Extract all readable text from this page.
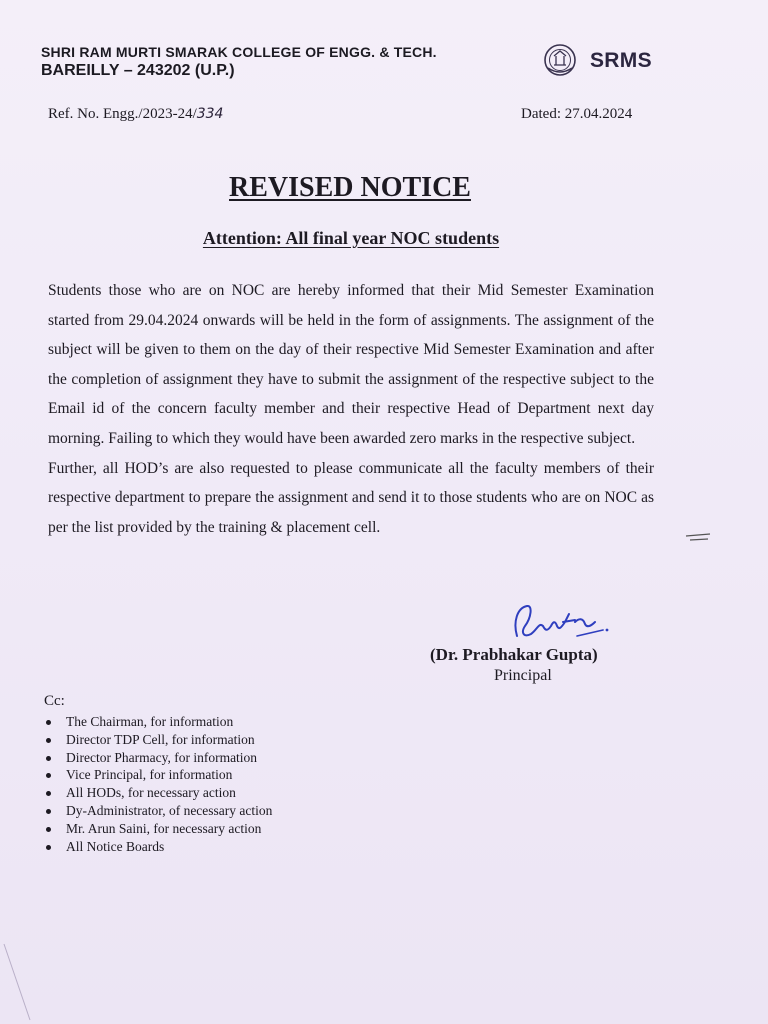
SHRI RAM MURTI SMARAK COLLEGE OF ENGG. & TECH.
BAREILLY – 243202 (U.P.)	SRMS
Ref. No. Engg./2023-24/334	Dated: 27.04.2024
REVISED NOTICE
Attention: All final year NOC students

Students those who are on NOC are hereby informed that their Mid Semester Examination started from 29.04.2024 onwards will be held in the form of assignments. The assignment of the subject will be given to them on the day of their respective Mid Semester Examination and after the completion of assignment they have to submit the assignment of the respective subject to the Email id of the concern faculty member and their respective Head of Department next day morning. Failing to which they would have been awarded zero marks in the respective subject.

Further, all HOD’s are also requested to please communicate all the faculty members of their respective department to prepare the assignment and send it to those students who are on NOC as per the list provided by the training & placement cell.

(Dr. Prabhakar Gupta)
Principal
Cc:
The Chairman, for information
Director TDP Cell, for information
Director Pharmacy, for information
Vice Principal, for information
All HODs, for necessary action
Dy-Administrator, of necessary action
Mr. Arun Saini, for necessary action
All Notice Boards
